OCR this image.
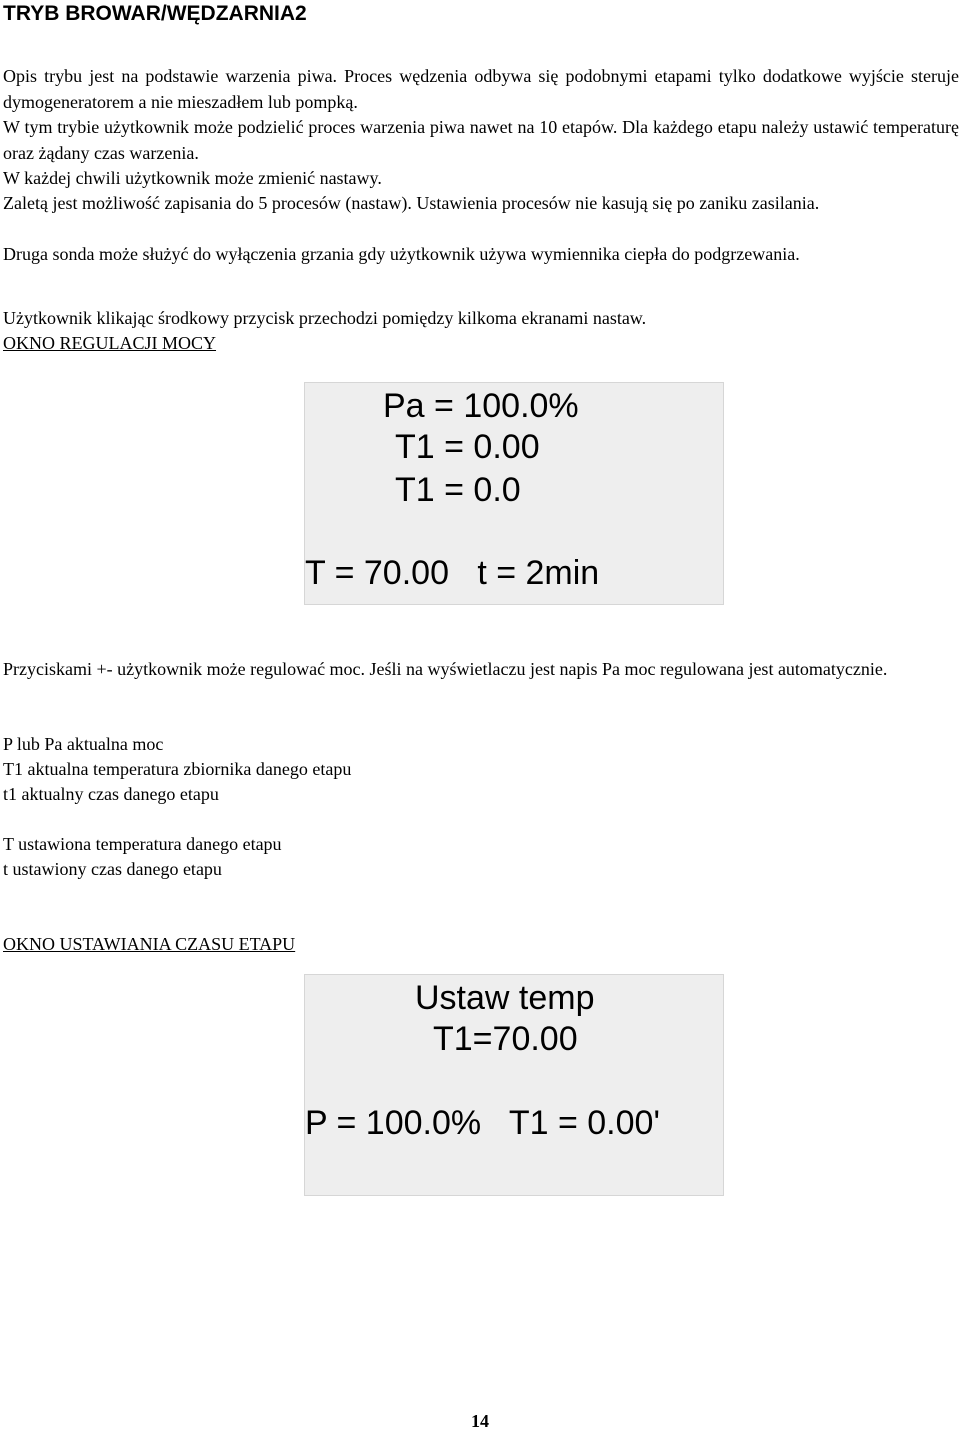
TRYB BROWAR/WĘDZARNIA2

Opis trybu jest na podstawie warzenia piwa. Proces wędzenia odbywa się podobnymi etapami tylko dodatkowe wyjście steruje dymogeneratorem a nie mieszadłem lub pompką.

W tym trybie użytkownik może podzielić proces warzenia piwa nawet na 10 etapów. Dla każdego etapu należy ustawić temperaturę oraz żądany czas warzenia.

W każdej chwili użytkownik może zmienić nastawy.

Zaletą jest możliwość zapisania do 5 procesów (nastaw). Ustawienia procesów nie kasują się po zaniku zasilania.

Druga sonda może służyć do wyłączenia grzania gdy użytkownik używa wymiennika ciepła do podgrzewania.

Użytkownik klikając środkowy przycisk przechodzi pomiędzy kilkoma ekranami nastaw.

OKNO REGULACJI MOCY

Pa = 100.0%

T1 = 0.00

T1 = 0.0

T = 70.00   t = 2min

Przyciskami +- użytkownik może regulować moc. Jeśli na wyświetlaczu jest napis Pa moc regulowana jest automatycznie.

P lub Pa aktualna moc

T1 aktualna temperatura zbiornika danego etapu

t1 aktualny czas danego etapu

T ustawiona temperatura danego etapu

t ustawiony czas danego etapu

OKNO USTAWIANIA CZASU ETAPU

Ustaw temp

T1=70.00

P = 100.0%   T1 = 0.00'

14
